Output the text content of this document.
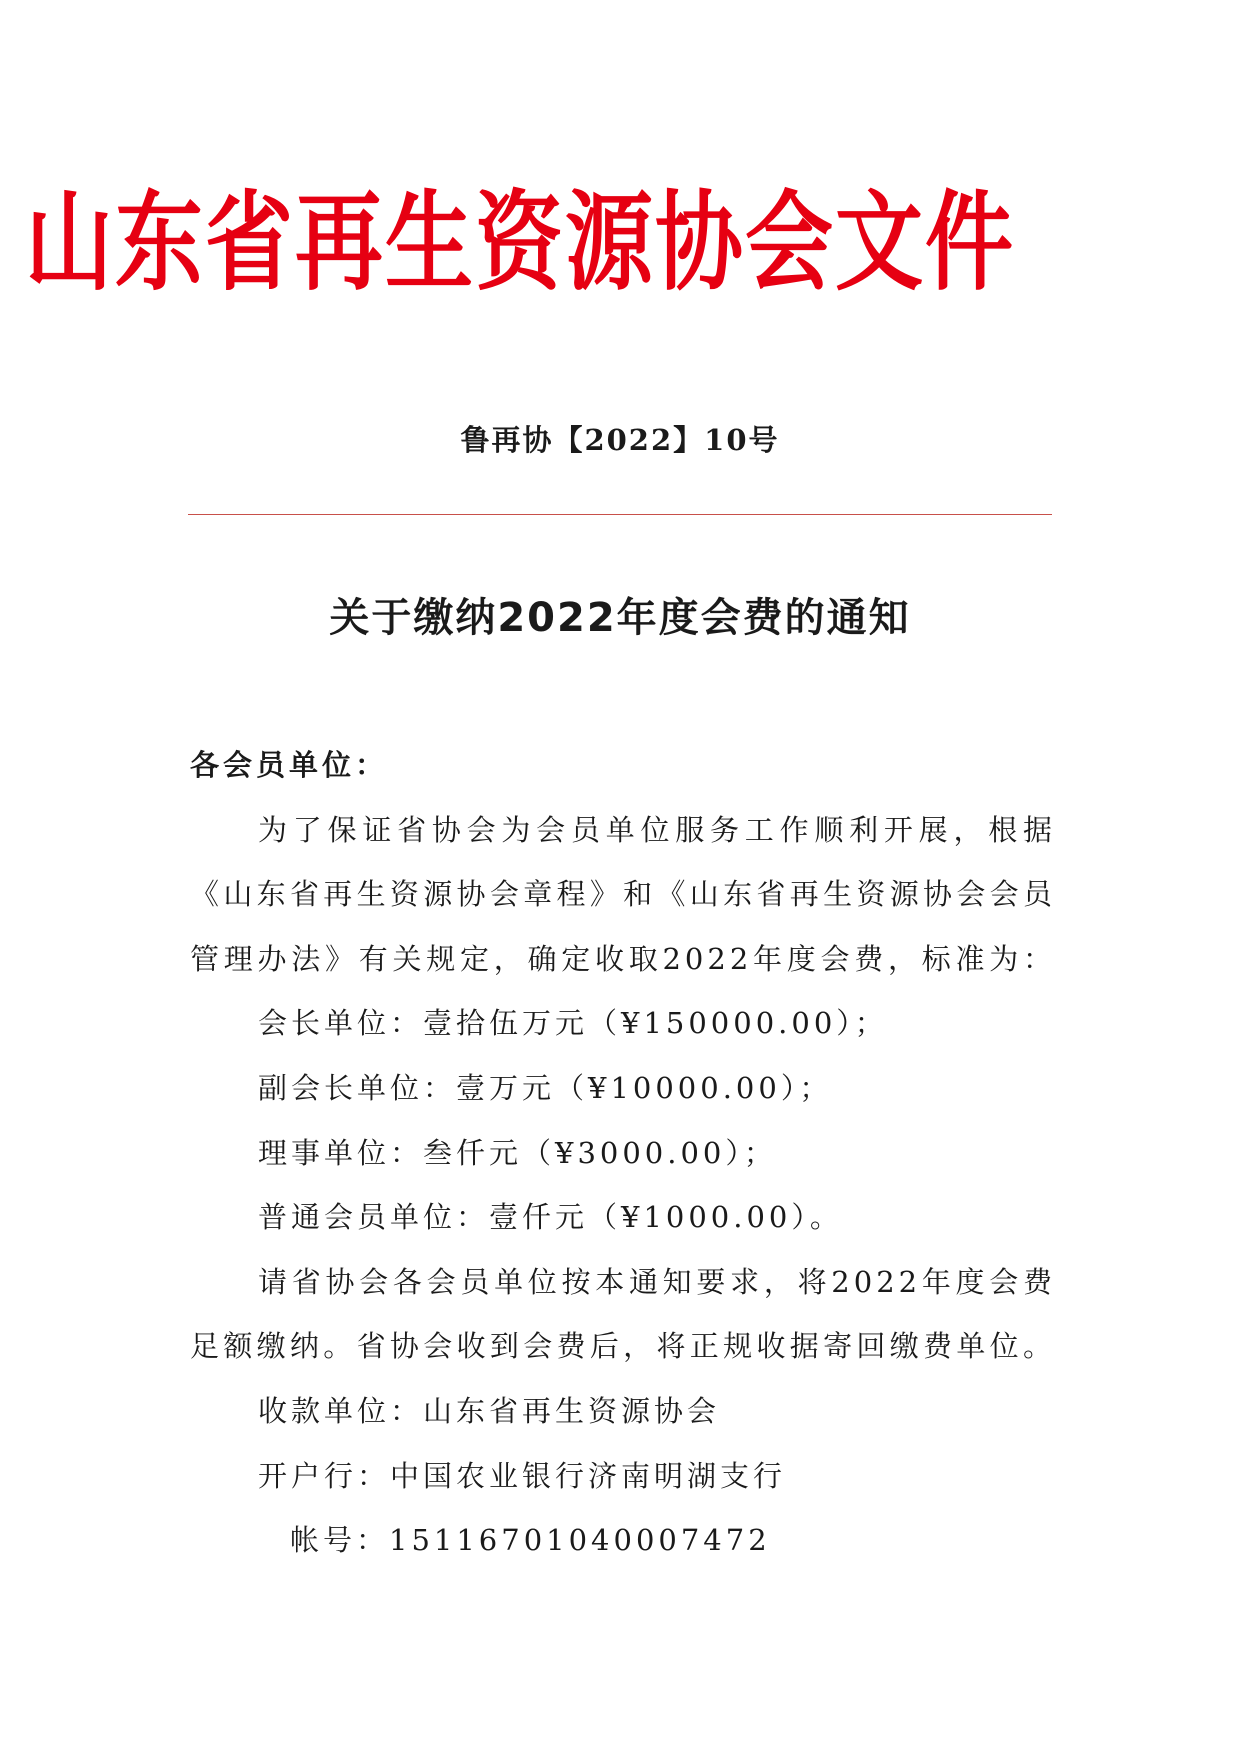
山东省再生资源协会文件
鲁再协【2022】10号
关于缴纳2022年度会费的通知
各会员单位：
为了保证省协会为会员单位服务工作顺利开展，根据
《山东省再生资源协会章程》和《山东省再生资源协会会员
管理办法》有关规定，确定收取2022年度会费，标准为：
会长单位：壹拾伍万元（¥150000.00）；
副会长单位：壹万元（¥10000.00）；
理事单位：叁仟元（¥3000.00）；
普通会员单位：壹仟元（¥1000.00）。
请省协会各会员单位按本通知要求，将2022年度会费
足额缴纳。省协会收到会费后，将正规收据寄回缴费单位。
收款单位：山东省再生资源协会
开户行：中国农业银行济南明湖支行
帐号：15116701040007472
